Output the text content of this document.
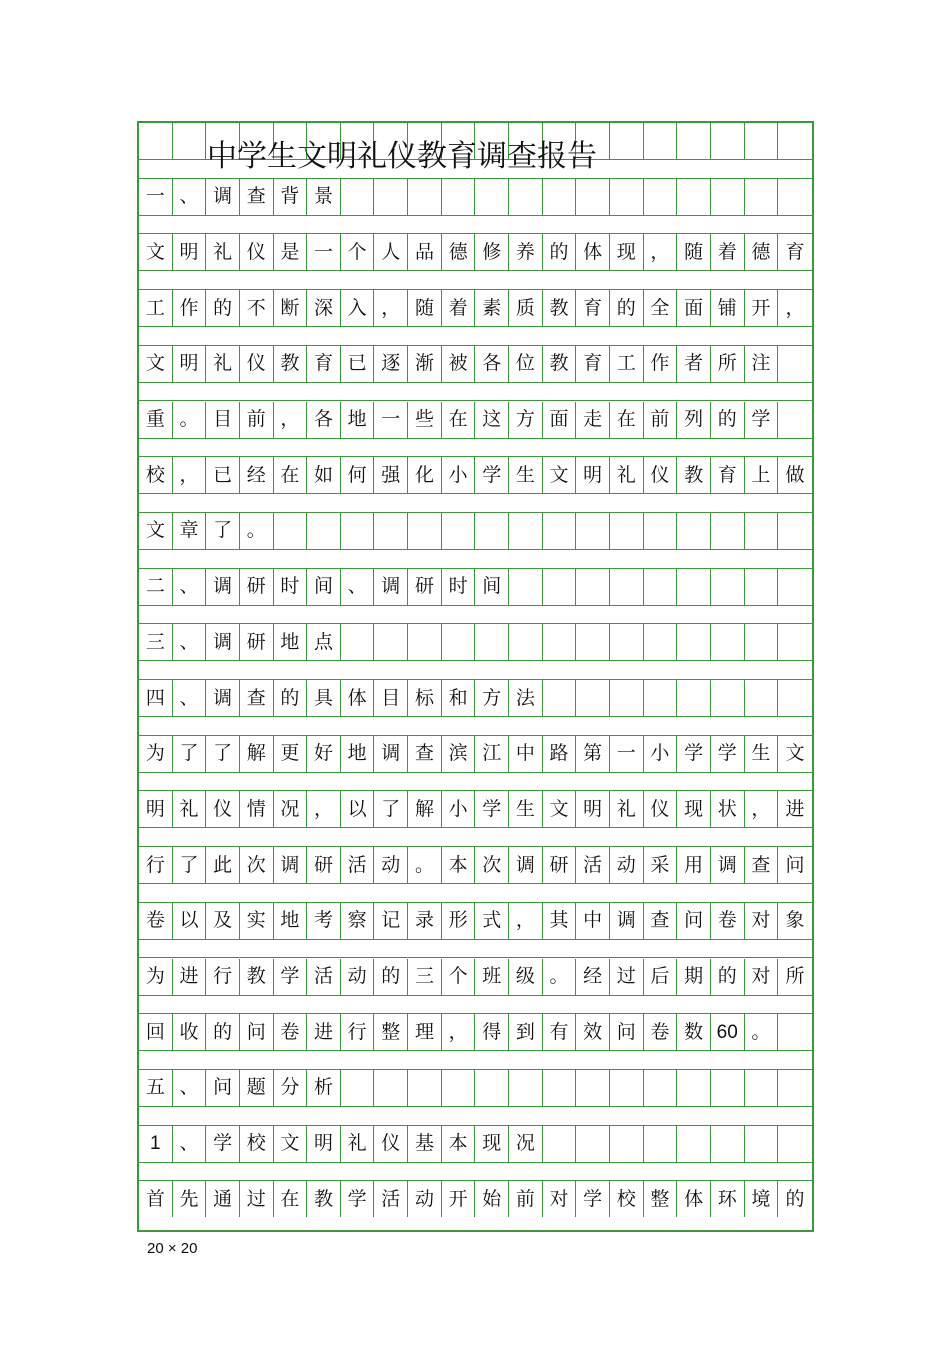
首 先 通 过 在 教 学 活 动 开 始 前 对 学 校 整 体 环 境 的
1 、 学 校 文 明 礼 仪 基 本 现 况
五 、 问 题 分 析
回 收 的 问 卷 进 行 整 理 ， 得 到 有 效 问 卷 数 60 。
为 进 行 教 学 活 动 的 三 个 班 级 。 经 过 后 期 的 对 所
卷 以 及 实 地 考 察 记 录 形 式 ， 其 中 调 查 问 卷 对 象
行 了 此 次 调 研 活 动 。 本 次 调 研 活 动 采 用 调 查 问
明 礼 仪 情 况 ， 以 了 解 小 学 生 文 明 礼 仪 现 状 ， 进
为 了 了 解 更 好 地 调 查 滨 江 中 路 第 一 小 学 学 生 文
四 、 调 查 的 具 体 目 标 和 方 法
三 、 调 研 地 点
二 、 调 研 时 间 、 调 研 时 间
文 章 了 。
校 ， 已 经 在 如 何 强 化 小 学 生 文 明 礼 仪 教 育 上 做
重 。 目 前 ， 各 地 一 些 在 这 方 面 走 在 前 列 的 学
文 明 礼 仪 教 育 已 逐 渐 被 各 位 教 育 工 作 者 所 注
工 作 的 不 断 深 入 ， 随 着 素 质 教 育 的 全 面 铺 开 ，
文 明 礼 仪 是 一 个 人 品 德 修 养 的 体 现 ， 随 着 德 育
一 、 调 查 背 景
中学生文明礼仪教育调查报告
20 × 20
